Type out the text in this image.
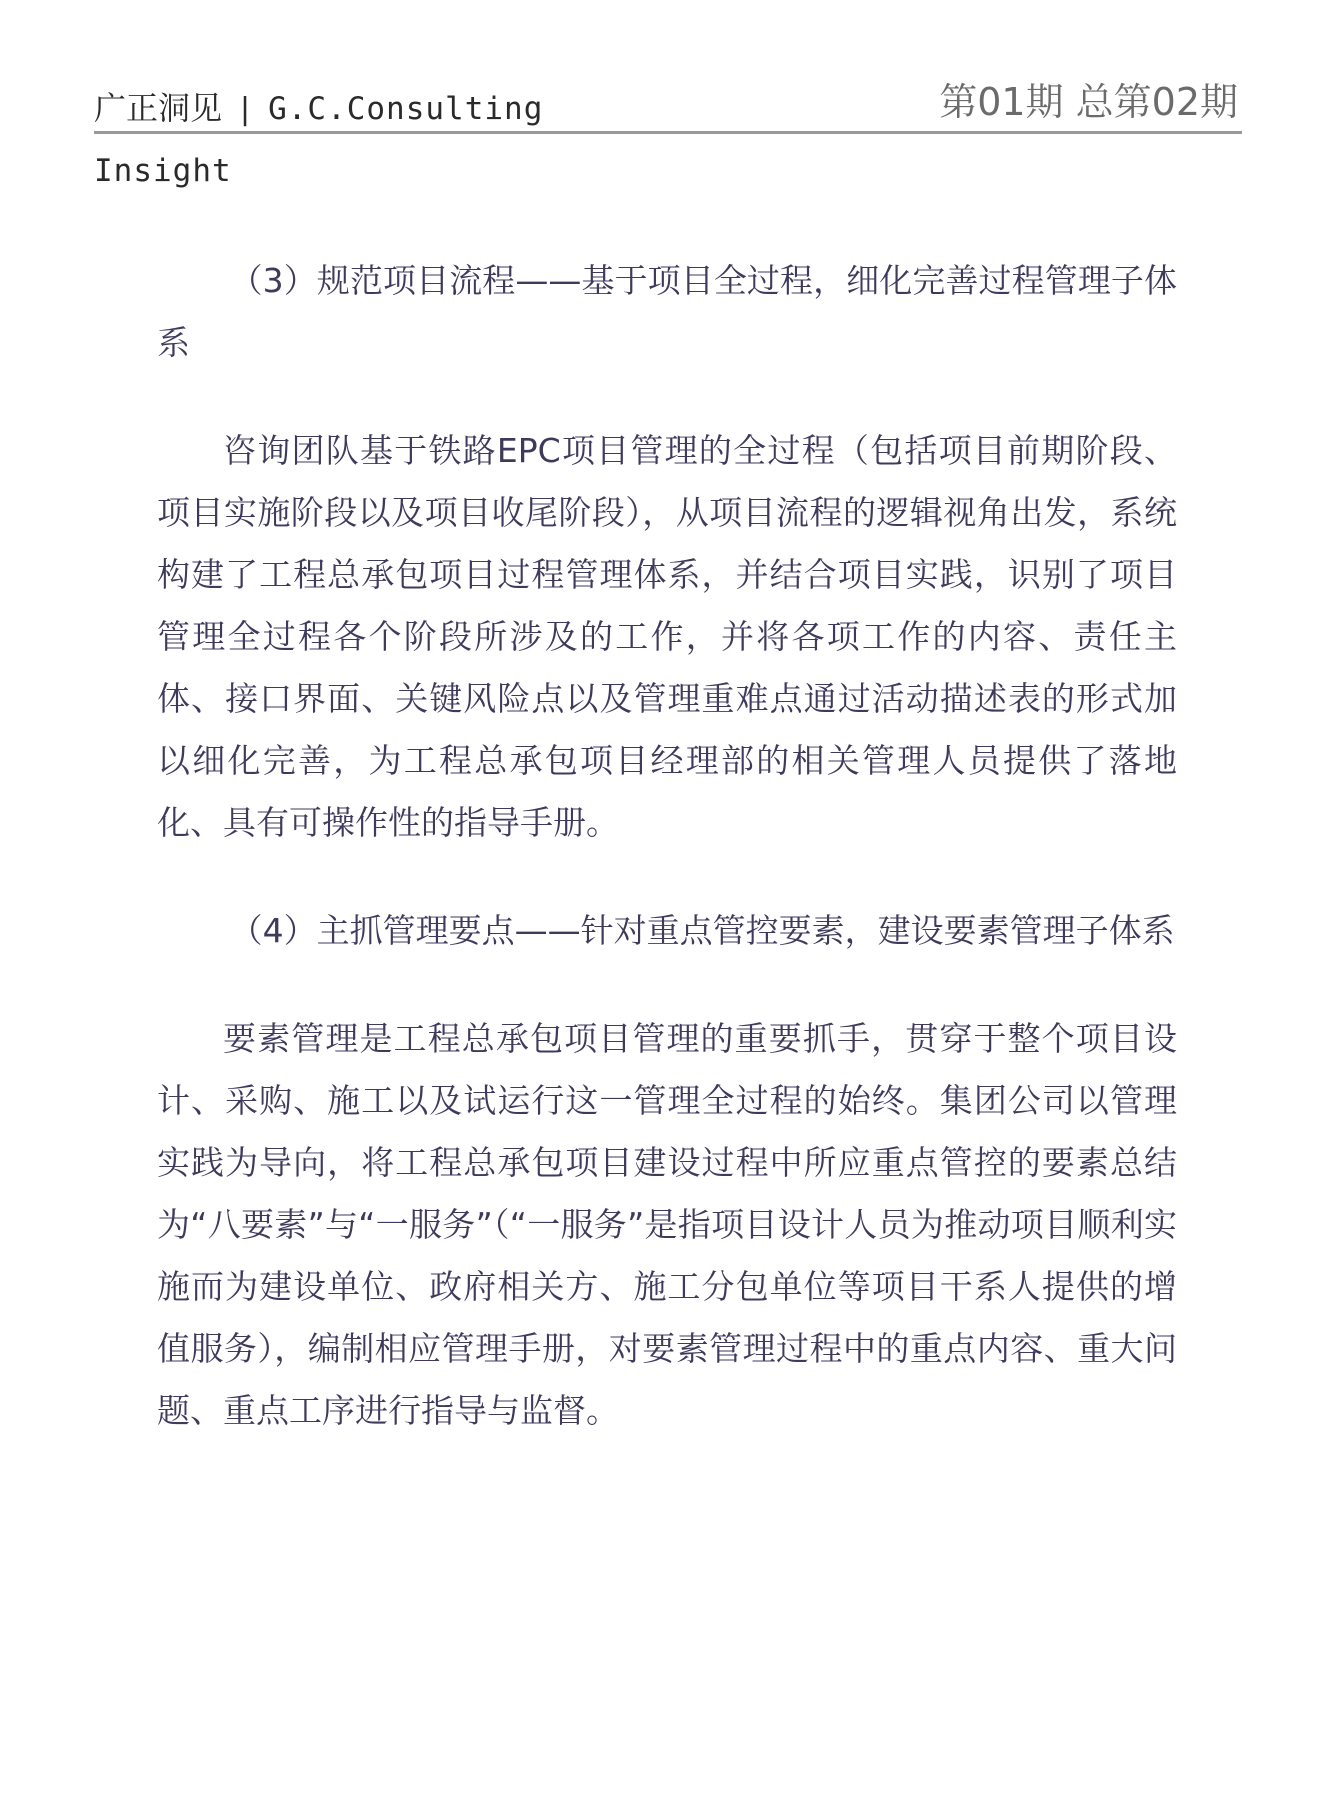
广正洞见 | G.C.Consulting Insight
第01期 总第02期

（3）规范项目流程——基于项目全过程，细化完善过程管理子体系

咨询团队基于铁路EPC项目管理的全过程（包括项目前期阶段、项目实施阶段以及项目收尾阶段），从项目流程的逻辑视角出发，系统构建了工程总承包项目过程管理体系，并结合项目实践，识别了项目管理全过程各个阶段所涉及的工作，并将各项工作的内容、责任主体、接口界面、关键风险点以及管理重难点通过活动描述表的形式加以细化完善，为工程总承包项目经理部的相关管理人员提供了落地化、具有可操作性的指导手册。

（4）主抓管理要点——针对重点管控要素，建设要素管理子体系

要素管理是工程总承包项目管理的重要抓手，贯穿于整个项目设计、采购、施工以及试运行这一管理全过程的始终。集团公司以管理实践为导向，将工程总承包项目建设过程中所应重点管控的要素总结为“八要素”与“一服务”（“一服务”是指项目设计人员为推动项目顺利实施而为建设单位、政府相关方、施工分包单位等项目干系人提供的增值服务），编制相应管理手册，对要素管理过程中的重点内容、重大问题、重点工序进行指导与监督。
